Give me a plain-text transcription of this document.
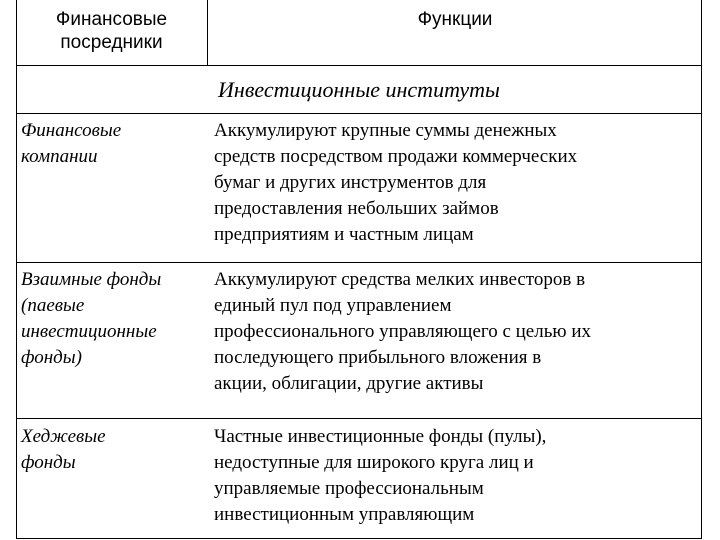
Финансовые
посредники
Функции
Инвестиционные институты
Финансовые
компании
Аккумулируют крупные суммы денежных
средств посредством продажи коммерческих
бумаг и других инструментов для
предоставления небольших займов
предприятиям и частным лицам
Взаимные фонды
(паевые
инвестиционные
фонды)
Аккумулируют средства мелких инвесторов в
единый пул под управлением
профессионального управляющего с целью их
последующего прибыльного вложения в
акции, облигации, другие активы
Хеджевые
фонды
Частные инвестиционные фонды (пулы),
недоступные для широкого круга лиц и
управляемые профессиональным
инвестиционным управляющим
